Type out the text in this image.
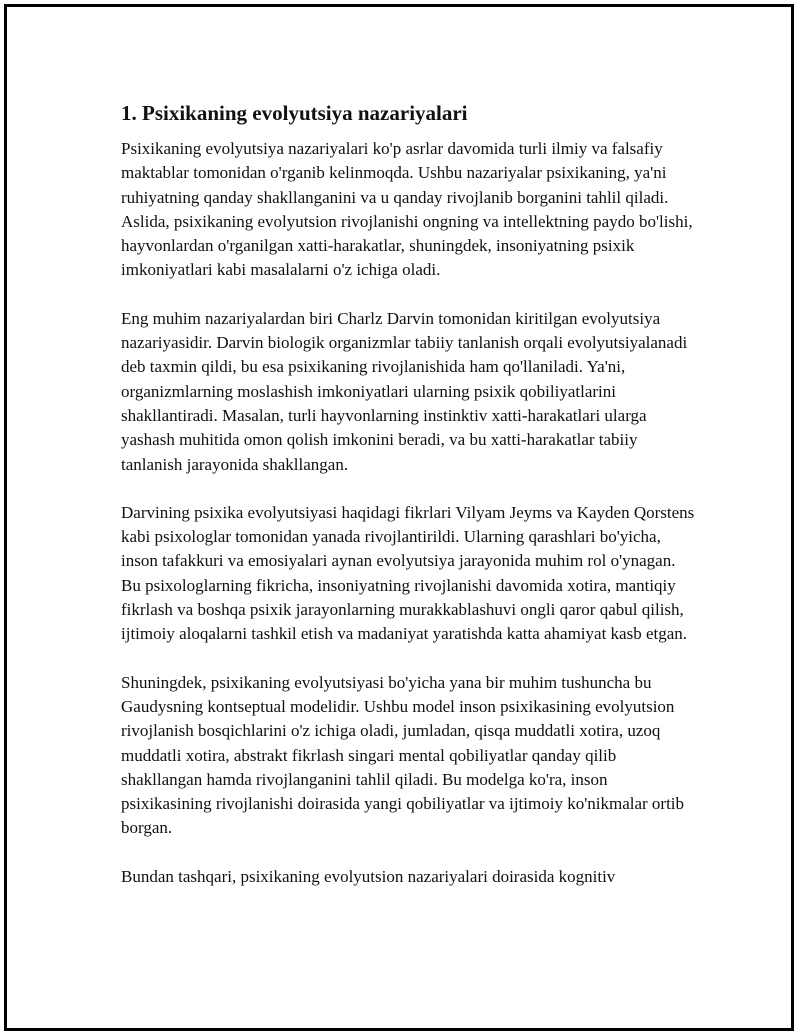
1. Psixikaning evolyutsiya nazariyalari

Psixikaning evolyutsiya nazariyalari ko'p asrlar davomida turli ilmiy va falsafiy maktablar tomonidan o'rganib kelinmoqda. Ushbu nazariyalar psixikaning, ya'ni ruhiyatning qanday shakllanganini va u qanday rivojlanib borganini tahlil qiladi. Aslida, psixikaning evolyutsion rivojlanishi ongning va intellektning paydo bo'lishi, hayvonlardan o'rganilgan xatti-harakatlar, shuningdek, insoniyatning psixik imkoniyatlari kabi masalalarni o'z ichiga oladi.

Eng muhim nazariyalardan biri Charlz Darvin tomonidan kiritilgan evolyutsiya nazariyasidir. Darvin biologik organizmlar tabiiy tanlanish orqali evolyutsiyalanadi deb taxmin qildi, bu esa psixikaning rivojlanishida ham qo'llaniladi. Ya'ni, organizmlarning moslashish imkoniyatlari ularning psixik qobiliyatlarini shakllantiradi. Masalan, turli hayvonlarning instinktiv xatti-harakatlari ularga yashash muhitida omon qolish imkonini beradi, va bu xatti-harakatlar tabiiy tanlanish jarayonida shakllangan.

Darvining psixika evolyutsiyasi haqidagi fikrlari Vilyam Jeyms va Kayden Qorstens kabi psixologlar tomonidan yanada rivojlantirildi. Ularning qarashlari bo'yicha, inson tafakkuri va emosiyalari aynan evolyutsiya jarayonida muhim rol o'ynagan. Bu psixologlarning fikricha, insoniyatning rivojlanishi davomida xotira, mantiqiy fikrlash va boshqa psixik jarayonlarning murakkablashuvi ongli qaror qabul qilish, ijtimoiy aloqalarni tashkil etish va madaniyat yaratishda katta ahamiyat kasb etgan.

Shuningdek, psixikaning evolyutsiyasi bo'yicha yana bir muhim tushuncha bu Gaudysning kontseptual modelidir. Ushbu model inson psixikasining evolyutsion rivojlanish bosqichlarini o'z ichiga oladi, jumladan, qisqa muddatli xotira, uzoq muddatli xotira, abstrakt fikrlash singari mental qobiliyatlar qanday qilib shakllangan hamda rivojlanganini tahlil qiladi. Bu modelga ko'ra, inson psixikasining rivojlanishi doirasida yangi qobiliyatlar va ijtimoiy ko'nikmalar ortib borgan.

Bundan tashqari, psixikaning evolyutsion nazariyalari doirasida kognitiv
